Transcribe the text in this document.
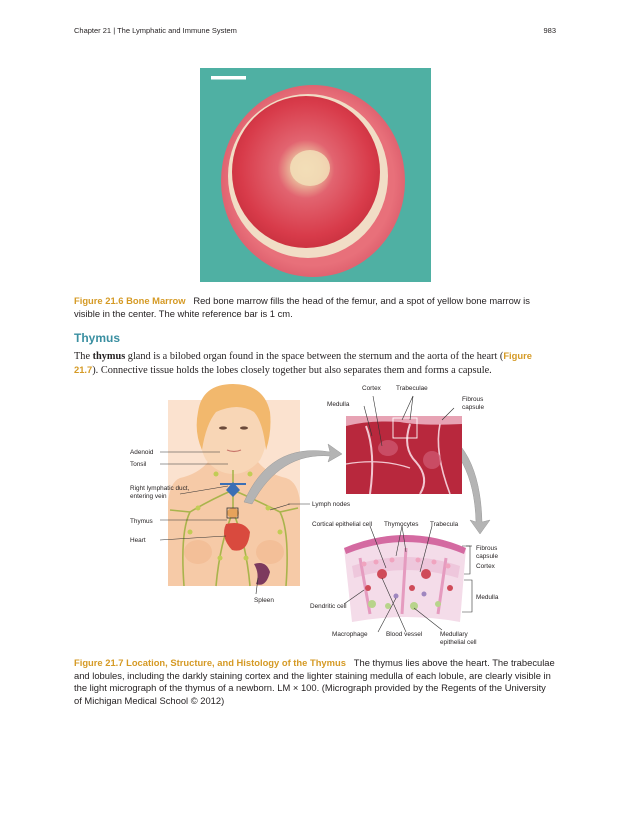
Chapter 21 | The Lymphatic and Immune System	983
Figure 21.6 Bone Marrow Red bone marrow fills the head of the femur, and a spot of yellow bone marrow is visible in the center. The white reference bar is 1 cm.
Thymus
The thymus gland is a bilobed organ found in the space between the sternum and the aorta of the heart (Figure 21.7). Connective tissue holds the lobes closely together but also separates them and forms a capsule.
Cortex Trabeculae
Medulla
Fibrous
capsule
Adenoid
Tonsil
Right lymphatic duct,
entering vein
Lymph nodes
Thymus
Heart
Cortical epithelial cell Thymocytes Trabecula
Fibrous
capsule
Cortex
Medulla
Spleen
Dendritic cell
Macrophage	Blood vessel	Medullary
epithelial cell
Figure 21.7 Location, Structure, and Histology of the Thymus The thymus lies above the heart. The trabeculae and lobules, including the darkly staining cortex and the lighter staining medulla of each lobule, are clearly visible in the light micrograph of the thymus of a newborn. LM × 100. (Micrograph provided by the Regents of the University of Michigan Medical School © 2012)
